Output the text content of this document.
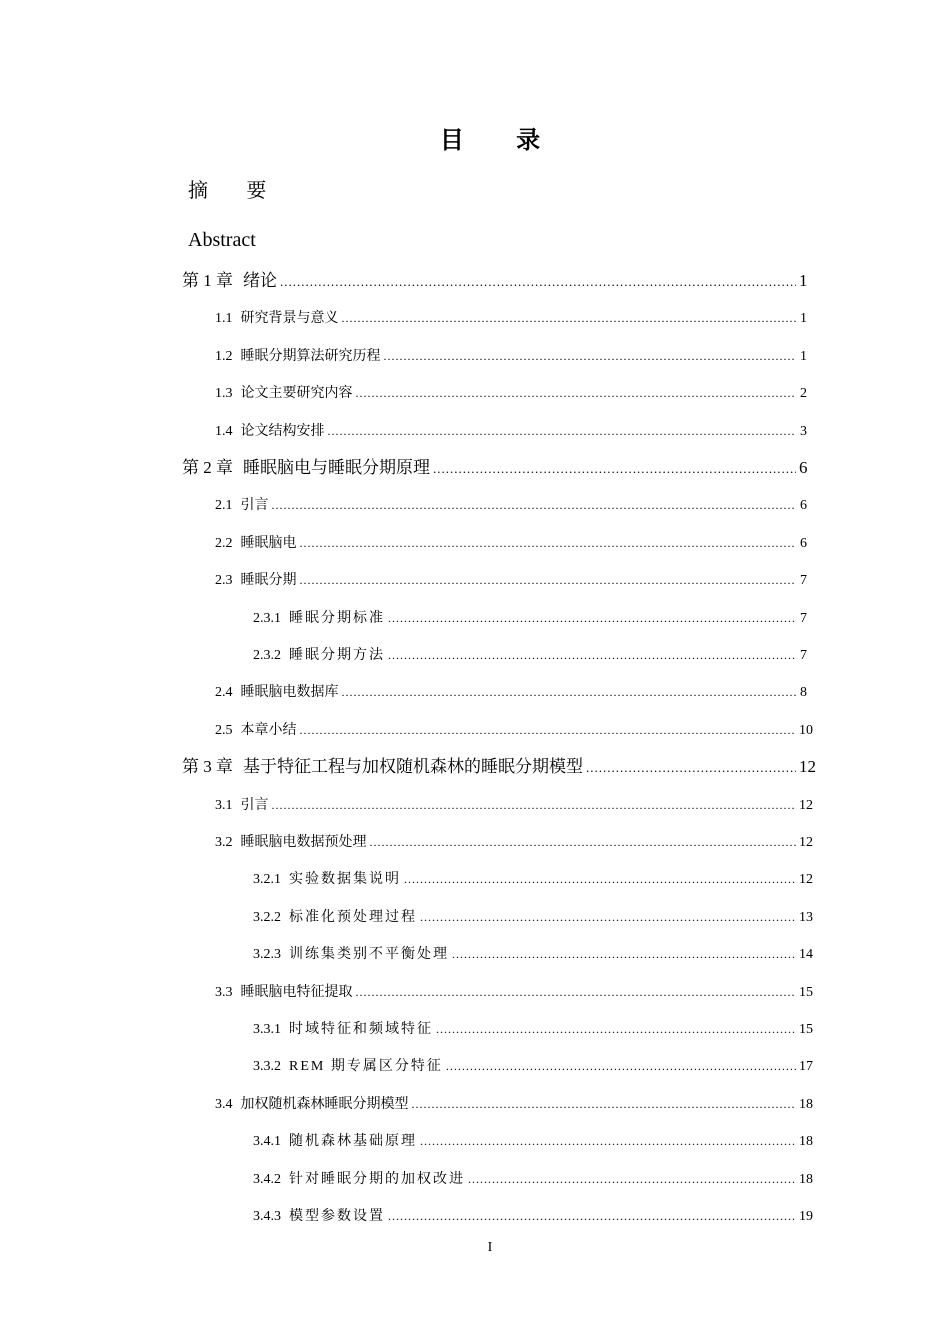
目 录
摘 要
Abstract
第 1 章 绪论 .....	1
1.1 研究背景与意义 .....	1
1.2 睡眠分期算法研究历程 .....	1
1.3 论文主要研究内容 .....	2
1.4 论文结构安排 .....	3
第 2 章 睡眠脑电与睡眠分期原理 .....	6
2.1 引言 .....	6
2.2 睡眠脑电 .....	6
2.3 睡眠分期 .....	7
2.3.1 睡眠分期标准 .....	7
2.3.2 睡眠分期方法 .....	7
2.4 睡眠脑电数据库 .....	8
2.5 本章小结 .....	10
第 3 章 基于特征工程与加权随机森林的睡眠分期模型 .....	12
3.1 引言 .....	12
3.2 睡眠脑电数据预处理 .....	12
3.2.1 实验数据集说明 .....	12
3.2.2 标准化预处理过程 .....	13
3.2.3 训练集类别不平衡处理 .....	14
3.3 睡眠脑电特征提取 .....	15
3.3.1 时域特征和频域特征 .....	15
3.3.2 REM 期专属区分特征 .....	17
3.4 加权随机森林睡眠分期模型 .....	18
3.4.1 随机森林基础原理 .....	18
3.4.2 针对睡眠分期的加权改进 .....	18
3.4.3 模型参数设置 .....	19
I
